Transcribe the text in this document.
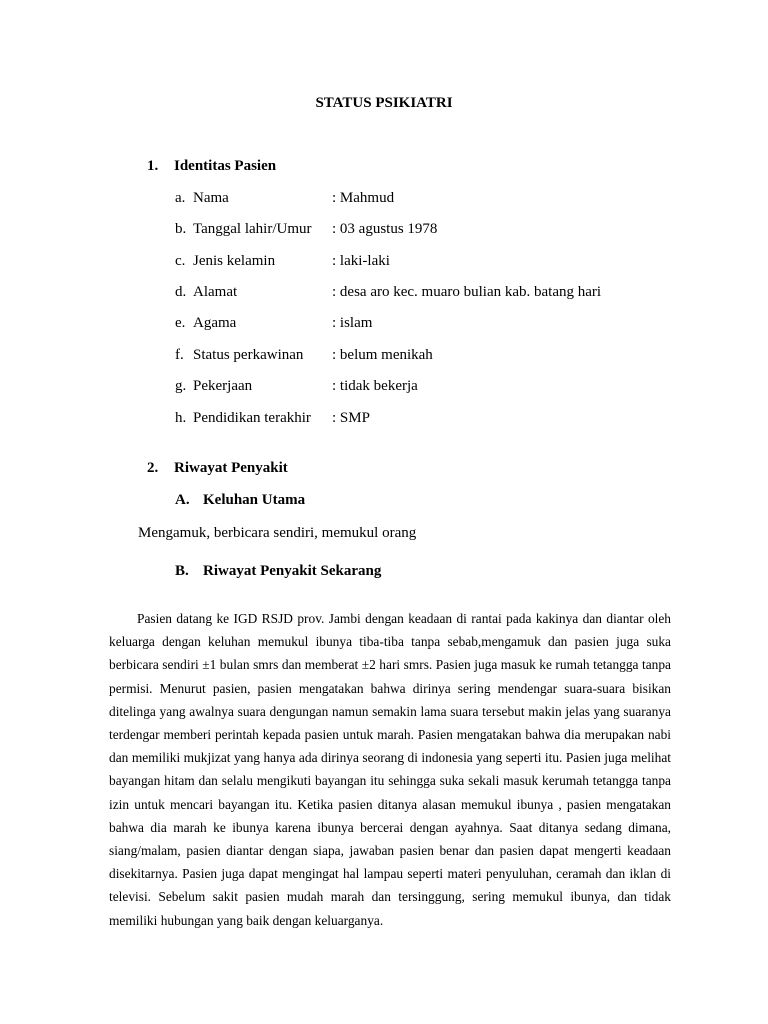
STATUS PSIKIATRI
1. Identitas Pasien
a. Nama	: Mahmud
b. Tanggal lahir/Umur : 03 agustus 1978
c. Jenis kelamin	: laki-laki
d. Alamat	: desa aro kec. muaro bulian kab. batang hari
e. Agama	: islam
f. Status perkawinan : belum menikah
g. Pekerjaan	: tidak bekerja
h. Pendidikan terakhir : SMP
2. Riwayat Penyakit
A. Keluhan Utama
Mengamuk, berbicara sendiri, memukul orang
B. Riwayat Penyakit Sekarang
Pasien datang ke IGD RSJD prov. Jambi dengan keadaan di rantai pada kakinya dan diantar oleh keluarga dengan keluhan memukul ibunya tiba-tiba tanpa sebab,mengamuk dan pasien juga suka berbicara sendiri ±1 bulan smrs dan memberat ±2 hari smrs. Pasien juga masuk ke rumah tetangga tanpa permisi. Menurut pasien, pasien mengatakan bahwa dirinya sering mendengar suara-suara bisikan ditelinga yang awalnya suara dengungan namun semakin lama suara tersebut makin jelas yang suaranya terdengar memberi perintah kepada pasien untuk marah. Pasien mengatakan bahwa dia merupakan nabi dan memiliki mukjizat yang hanya ada dirinya seorang di indonesia yang seperti itu. Pasien juga melihat bayangan hitam dan selalu mengikuti bayangan itu sehingga suka sekali masuk kerumah tetangga tanpa izin untuk mencari bayangan itu. Ketika pasien ditanya alasan memukul ibunya , pasien mengatakan bahwa dia marah ke ibunya karena ibunya bercerai dengan ayahnya. Saat ditanya sedang dimana, siang/malam, pasien diantar dengan siapa, jawaban pasien benar dan pasien dapat mengerti keadaan disekitarnya. Pasien juga dapat mengingat hal lampau seperti materi penyuluhan, ceramah dan iklan di televisi. Sebelum sakit pasien mudah marah dan tersinggung, sering memukul ibunya, dan tidak memiliki hubungan yang baik dengan keluarganya.
